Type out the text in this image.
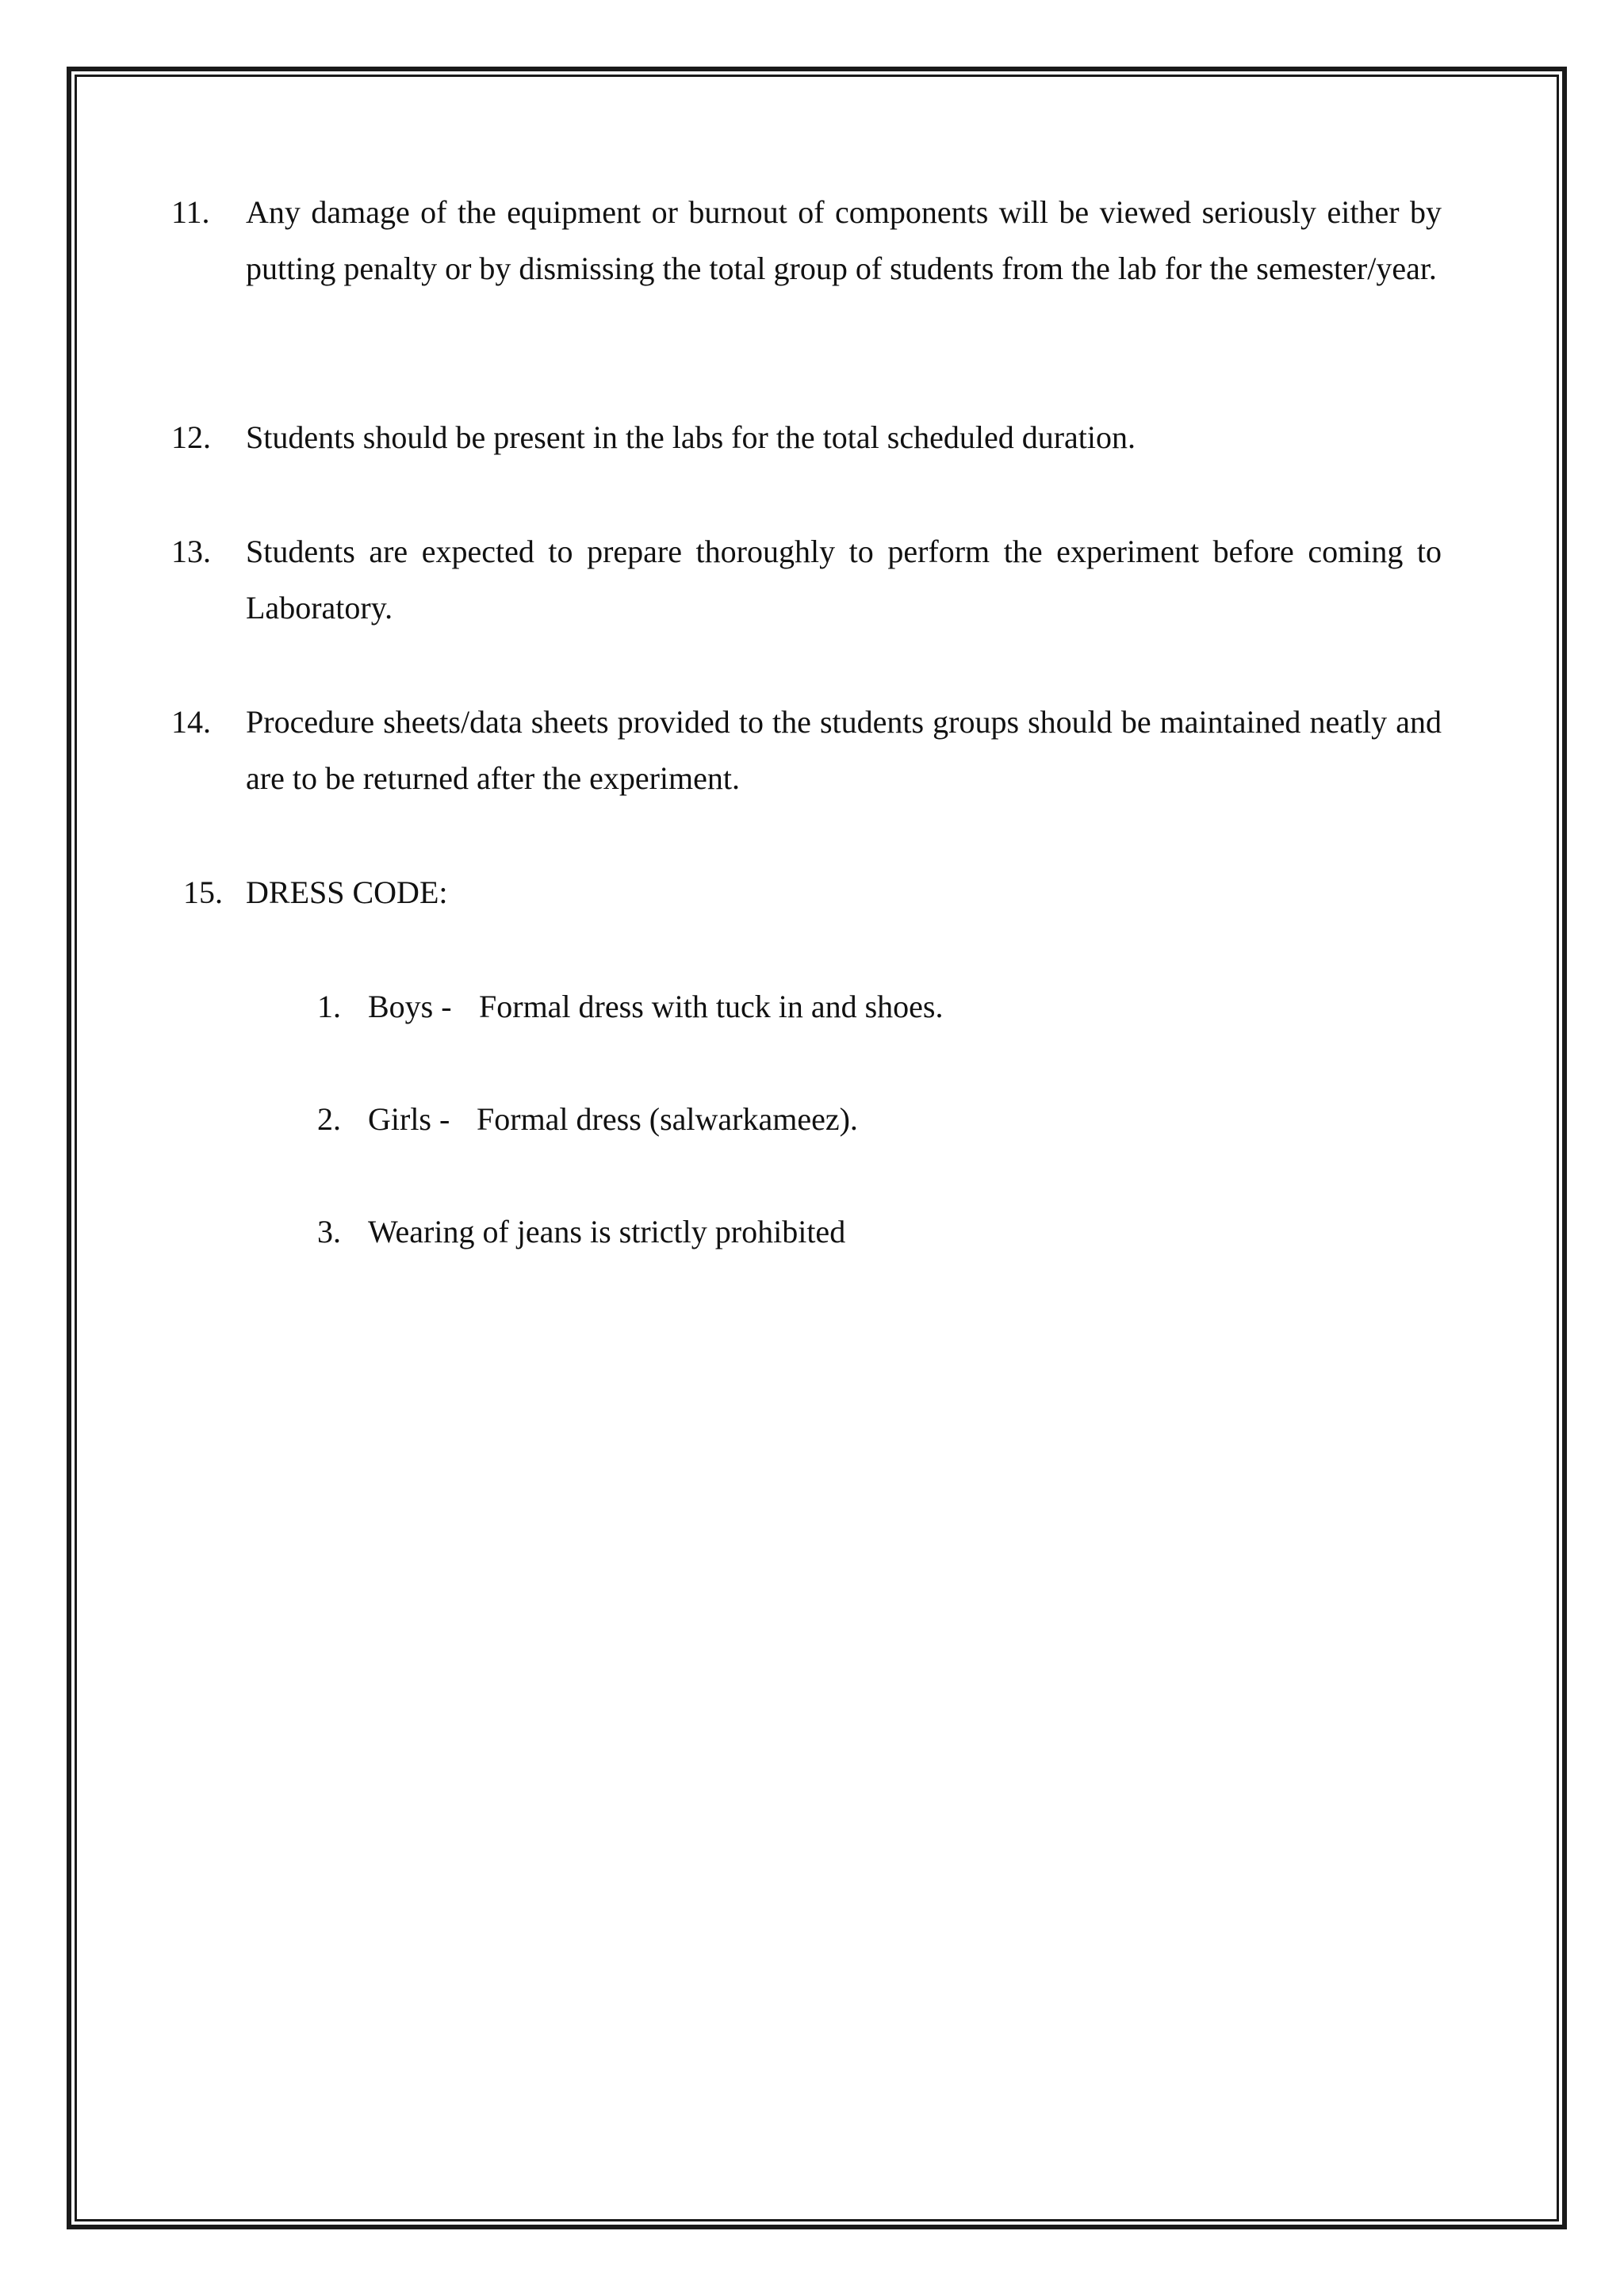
11. Any damage of the equipment or burnout of components will be viewed seriously either by putting penalty or by dismissing the total group of students from the lab for the semester/year.
12. Students should be present in the labs for the total scheduled duration.
13. Students are expected to prepare thoroughly to perform the experiment before coming to Laboratory.
14. Procedure sheets/data sheets provided to the students groups should be maintained neatly and are to be returned after the experiment.
15. DRESS CODE:
1. Boys - Formal dress with tuck in and shoes.
2. Girls - Formal dress (salwarkameez).
3. Wearing of jeans is strictly prohibited
